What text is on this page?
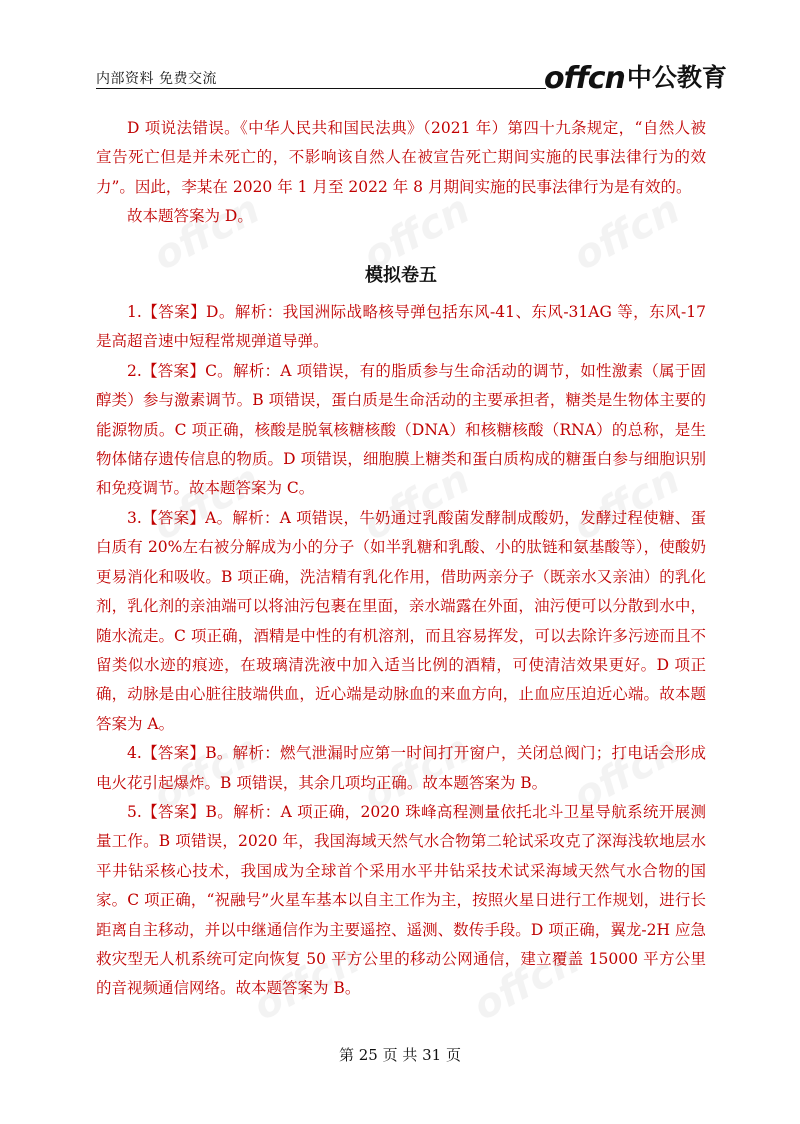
内部资料 免费交流	offcn中公教育

D 项说法错误。《中华人民共和国民法典》（2021 年）第四十九条规定，“自然人被宣告死亡但是并未死亡的，不影响该自然人在被宣告死亡期间实施的民事法律行为的效力”。因此，李某在 2020 年 1 月至 2022 年 8 月期间实施的民事法律行为是有效的。

故本题答案为 D。

模拟卷五

1.【答案】D。解析：我国洲际战略核导弹包括东风-41、东风-31AG 等，东风-17 是高超音速中短程常规弹道导弹。

2.【答案】C。解析：A 项错误，有的脂质参与生命活动的调节，如性激素（属于固醇类）参与激素调节。B 项错误，蛋白质是生命活动的主要承担者，糖类是生物体主要的能源物质。C 项正确，核酸是脱氧核糖核酸（DNA）和核糖核酸（RNA）的总称，是生物体储存遗传信息的物质。D 项错误，细胞膜上糖类和蛋白质构成的糖蛋白参与细胞识别和免疫调节。故本题答案为 C。

3.【答案】A。解析：A 项错误，牛奶通过乳酸菌发酵制成酸奶，发酵过程使糖、蛋白质有 20%左右被分解成为小的分子（如半乳糖和乳酸、小的肽链和氨基酸等），使酸奶更易消化和吸收。B 项正确，洗洁精有乳化作用，借助两亲分子（既亲水又亲油）的乳化剂，乳化剂的亲油端可以将油污包裹在里面，亲水端露在外面，油污便可以分散到水中，随水流走。C 项正确，酒精是中性的有机溶剂，而且容易挥发，可以去除许多污迹而且不留类似水迹的痕迹，在玻璃清洗液中加入适当比例的酒精，可使清洁效果更好。D 项正确，动脉是由心脏往肢端供血，近心端是动脉血的来血方向，止血应压迫近心端。故本题答案为 A。

4.【答案】B。解析：燃气泄漏时应第一时间打开窗户，关闭总阀门；打电话会形成电火花引起爆炸。B 项错误，其余几项均正确。故本题答案为 B。

5.【答案】B。解析：A 项正确，2020 珠峰高程测量依托北斗卫星导航系统开展测量工作。B 项错误，2020 年，我国海域天然气水合物第二轮试采攻克了深海浅软地层水平井钻采核心技术，我国成为全球首个采用水平井钻采技术试采海域天然气水合物的国家。C 项正确，“祝融号”火星车基本以自主工作为主，按照火星日进行工作规划，进行长距离自主移动，并以中继通信作为主要遥控、遥测、数传手段。D 项正确，翼龙-2H 应急救灾型无人机系统可定向恢复 50 平方公里的移动公网通信，建立覆盖 15000 平方公里的音视频通信网络。故本题答案为 B。

第 25 页 共 31 页
